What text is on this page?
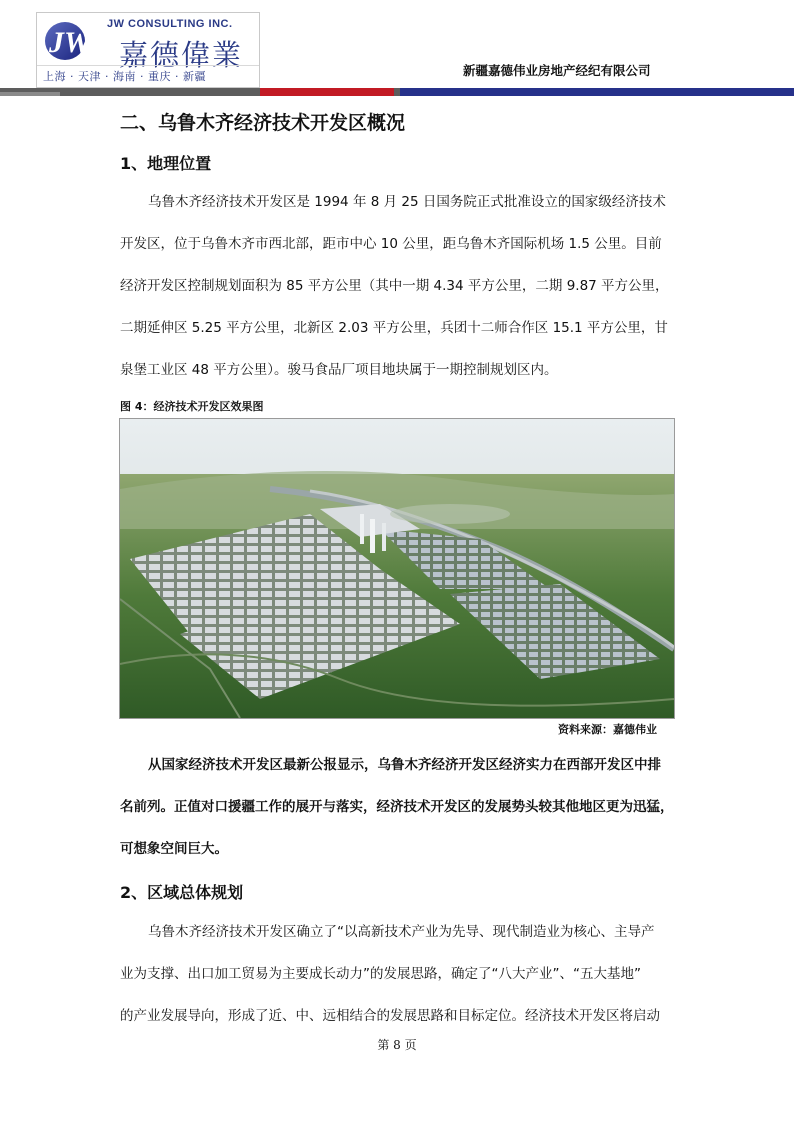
JW
JW CONSULTING INC.
嘉德偉業
上海 · 天津 · 海南 · 重庆 · 新疆	新疆嘉德伟业房地产经纪有限公司
二、乌鲁木齐经济技术开发区概况
1、地理位置
乌鲁木齐经济技术开发区是 1994 年 8 月 25 日国务院正式批准设立的国家级经济技术
开发区，位于乌鲁木齐市西北部，距市中心 10 公里，距乌鲁木齐国际机场 1.5 公里。目前
经济开发区控制规划面积为 85 平方公里（其中一期 4.34 平方公里，二期 9.87 平方公里，
二期延伸区 5.25 平方公里，北新区 2.03 平方公里，兵团十二师合作区 15.1 平方公里，甘
泉堡工业区 48 平方公里）。骏马食品厂项目地块属于一期控制规划区内。
图 4：经济技术开发区效果图
资料来源：嘉德伟业
从国家经济技术开发区最新公报显示，乌鲁木齐经济开发区经济实力在西部开发区中排
名前列。正值对口援疆工作的展开与落实，经济技术开发区的发展势头较其他地区更为迅猛，
可想象空间巨大。
2、区域总体规划
乌鲁木齐经济技术开发区确立了“以高新技术产业为先导、现代制造业为核心、主导产
业为支撑、出口加工贸易为主要成长动力”的发展思路，确定了“八大产业”、“五大基地”
的产业发展导向，形成了近、中、远相结合的发展思路和目标定位。经济技术开发区将启动
第 8 页
